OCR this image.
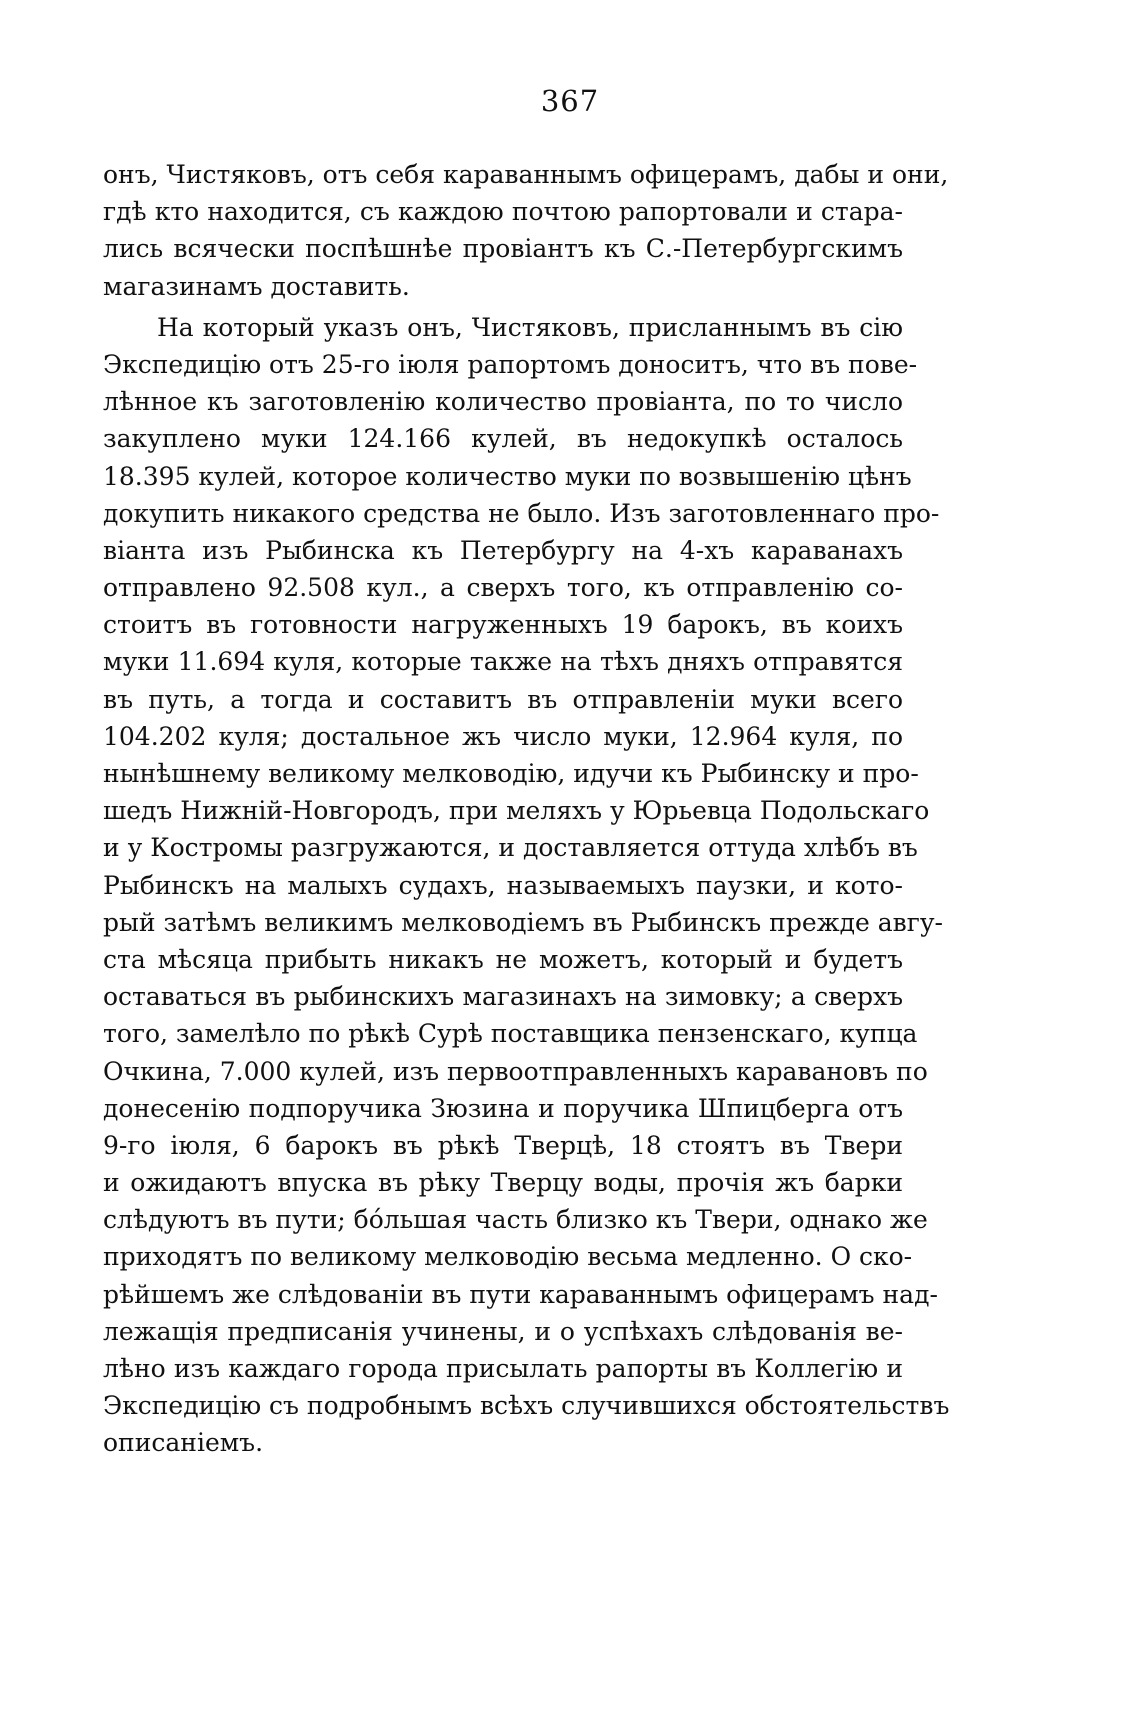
367
онъ, Чистяковъ, отъ себя караваннымъ офицерамъ, дабы и они,
гдѣ кто находится, съ каждою почтою рапортовали и стара-
лись всячески поспѣшнѣе провіантъ къ С.-Петербургскимъ
магазинамъ доставить.
На который указъ онъ, Чистяковъ, присланнымъ въ сію
Экспедицію отъ 25-го іюля рапортомъ доноситъ, что въ пове-
лѣнное къ заготовленію количество провіанта, по то число
закуплено муки 124.166 кулей, въ недокупкѣ осталось
18.395 кулей, которое количество муки по возвышенію цѣнъ
докупить никакого средства не было. Изъ заготовленнаго про-
віанта изъ Рыбинска къ Петербургу на 4-хъ караванахъ
отправлено 92.508 кул., а сверхъ того, къ отправленію со-
стоитъ въ готовности нагруженныхъ 19 барокъ, въ коихъ
муки 11.694 куля, которые также на тѣхъ дняхъ отправятся
въ путь, а тогда и составитъ въ отправленіи муки всего
104.202 куля; достальное жъ число муки, 12.964 куля, по
нынѣшнему великому мелководію, идучи къ Рыбинску и про-
шедъ Нижній-Новгородъ, при меляхъ у Юрьевца Подольскаго
и у Костромы разгружаются, и доставляется оттуда хлѣбъ въ
Рыбинскъ на малыхъ судахъ, называемыхъ паузки, и кото-
рый затѣмъ великимъ мелководіемъ въ Рыбинскъ прежде авгу-
ста мѣсяца прибыть никакъ не можетъ, который и будетъ
оставаться въ рыбинскихъ магазинахъ на зимовку; а сверхъ
того, замелѣло по рѣкѣ Сурѣ поставщика пензенскаго, купца
Очкина, 7.000 кулей, изъ первоотправленныхъ каравановъ по
донесенію подпоручика Зюзина и поручика Шпицберга отъ
9-го іюля, 6 барокъ въ рѣкѣ Тверцѣ, 18 стоятъ въ Твери
и ожидаютъ впуска въ рѣку Тверцу воды, прочія жъ барки
слѣдуютъ въ пути; бо́льшая часть близко къ Твери, однако же
приходятъ по великому мелководію весьма медленно. О ско-
рѣйшемъ же слѣдованіи въ пути караваннымъ офицерамъ над-
лежащія предписанія учинены, и о успѣхахъ слѣдованія ве-
лѣно изъ каждаго города присылать рапорты въ Коллегію и
Экспедицію съ подробнымъ всѣхъ случившихся обстоятельствъ
описаніемъ.
